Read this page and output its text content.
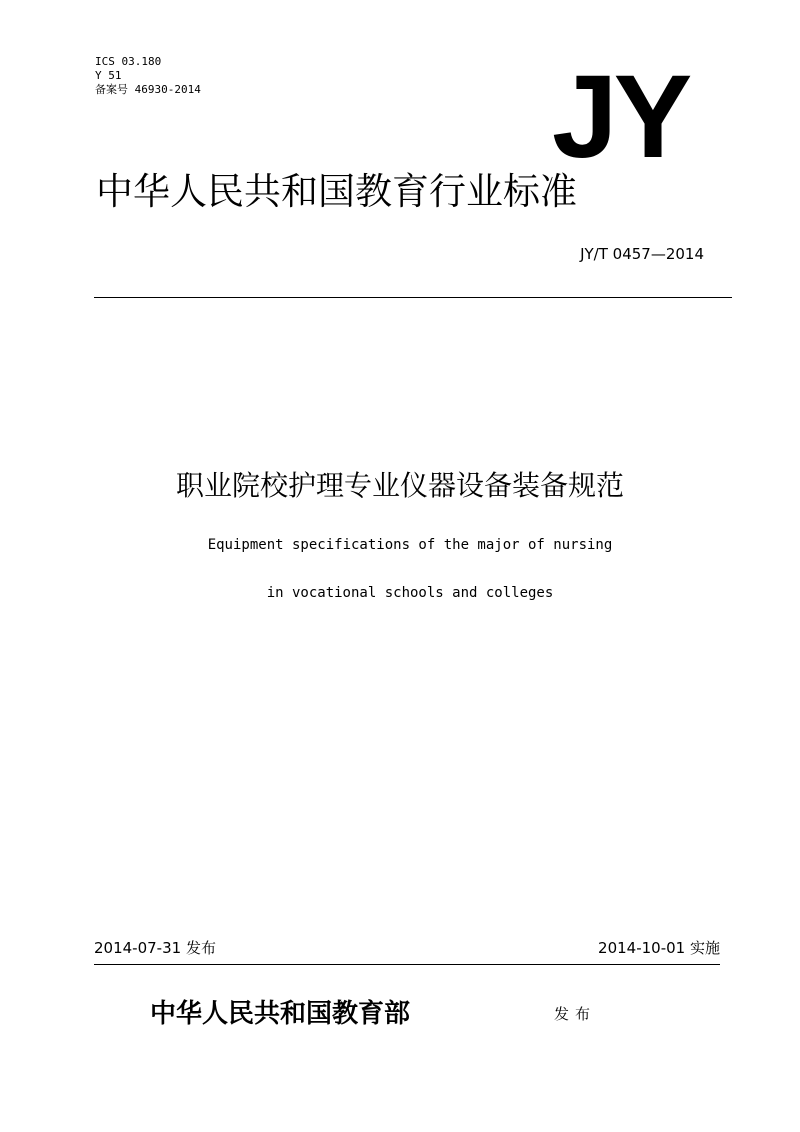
ICS 03.180
Y 51
备案号 46930-2014	JY
中华人民共和国教育行业标准
JY/T 0457—2014
职业院校护理专业仪器设备装备规范
Equipment specifications of the major of nursing
in vocational schools and colleges
2014-07-31 发布	2014-10-01 实施
中华人民共和国教育部	发布
